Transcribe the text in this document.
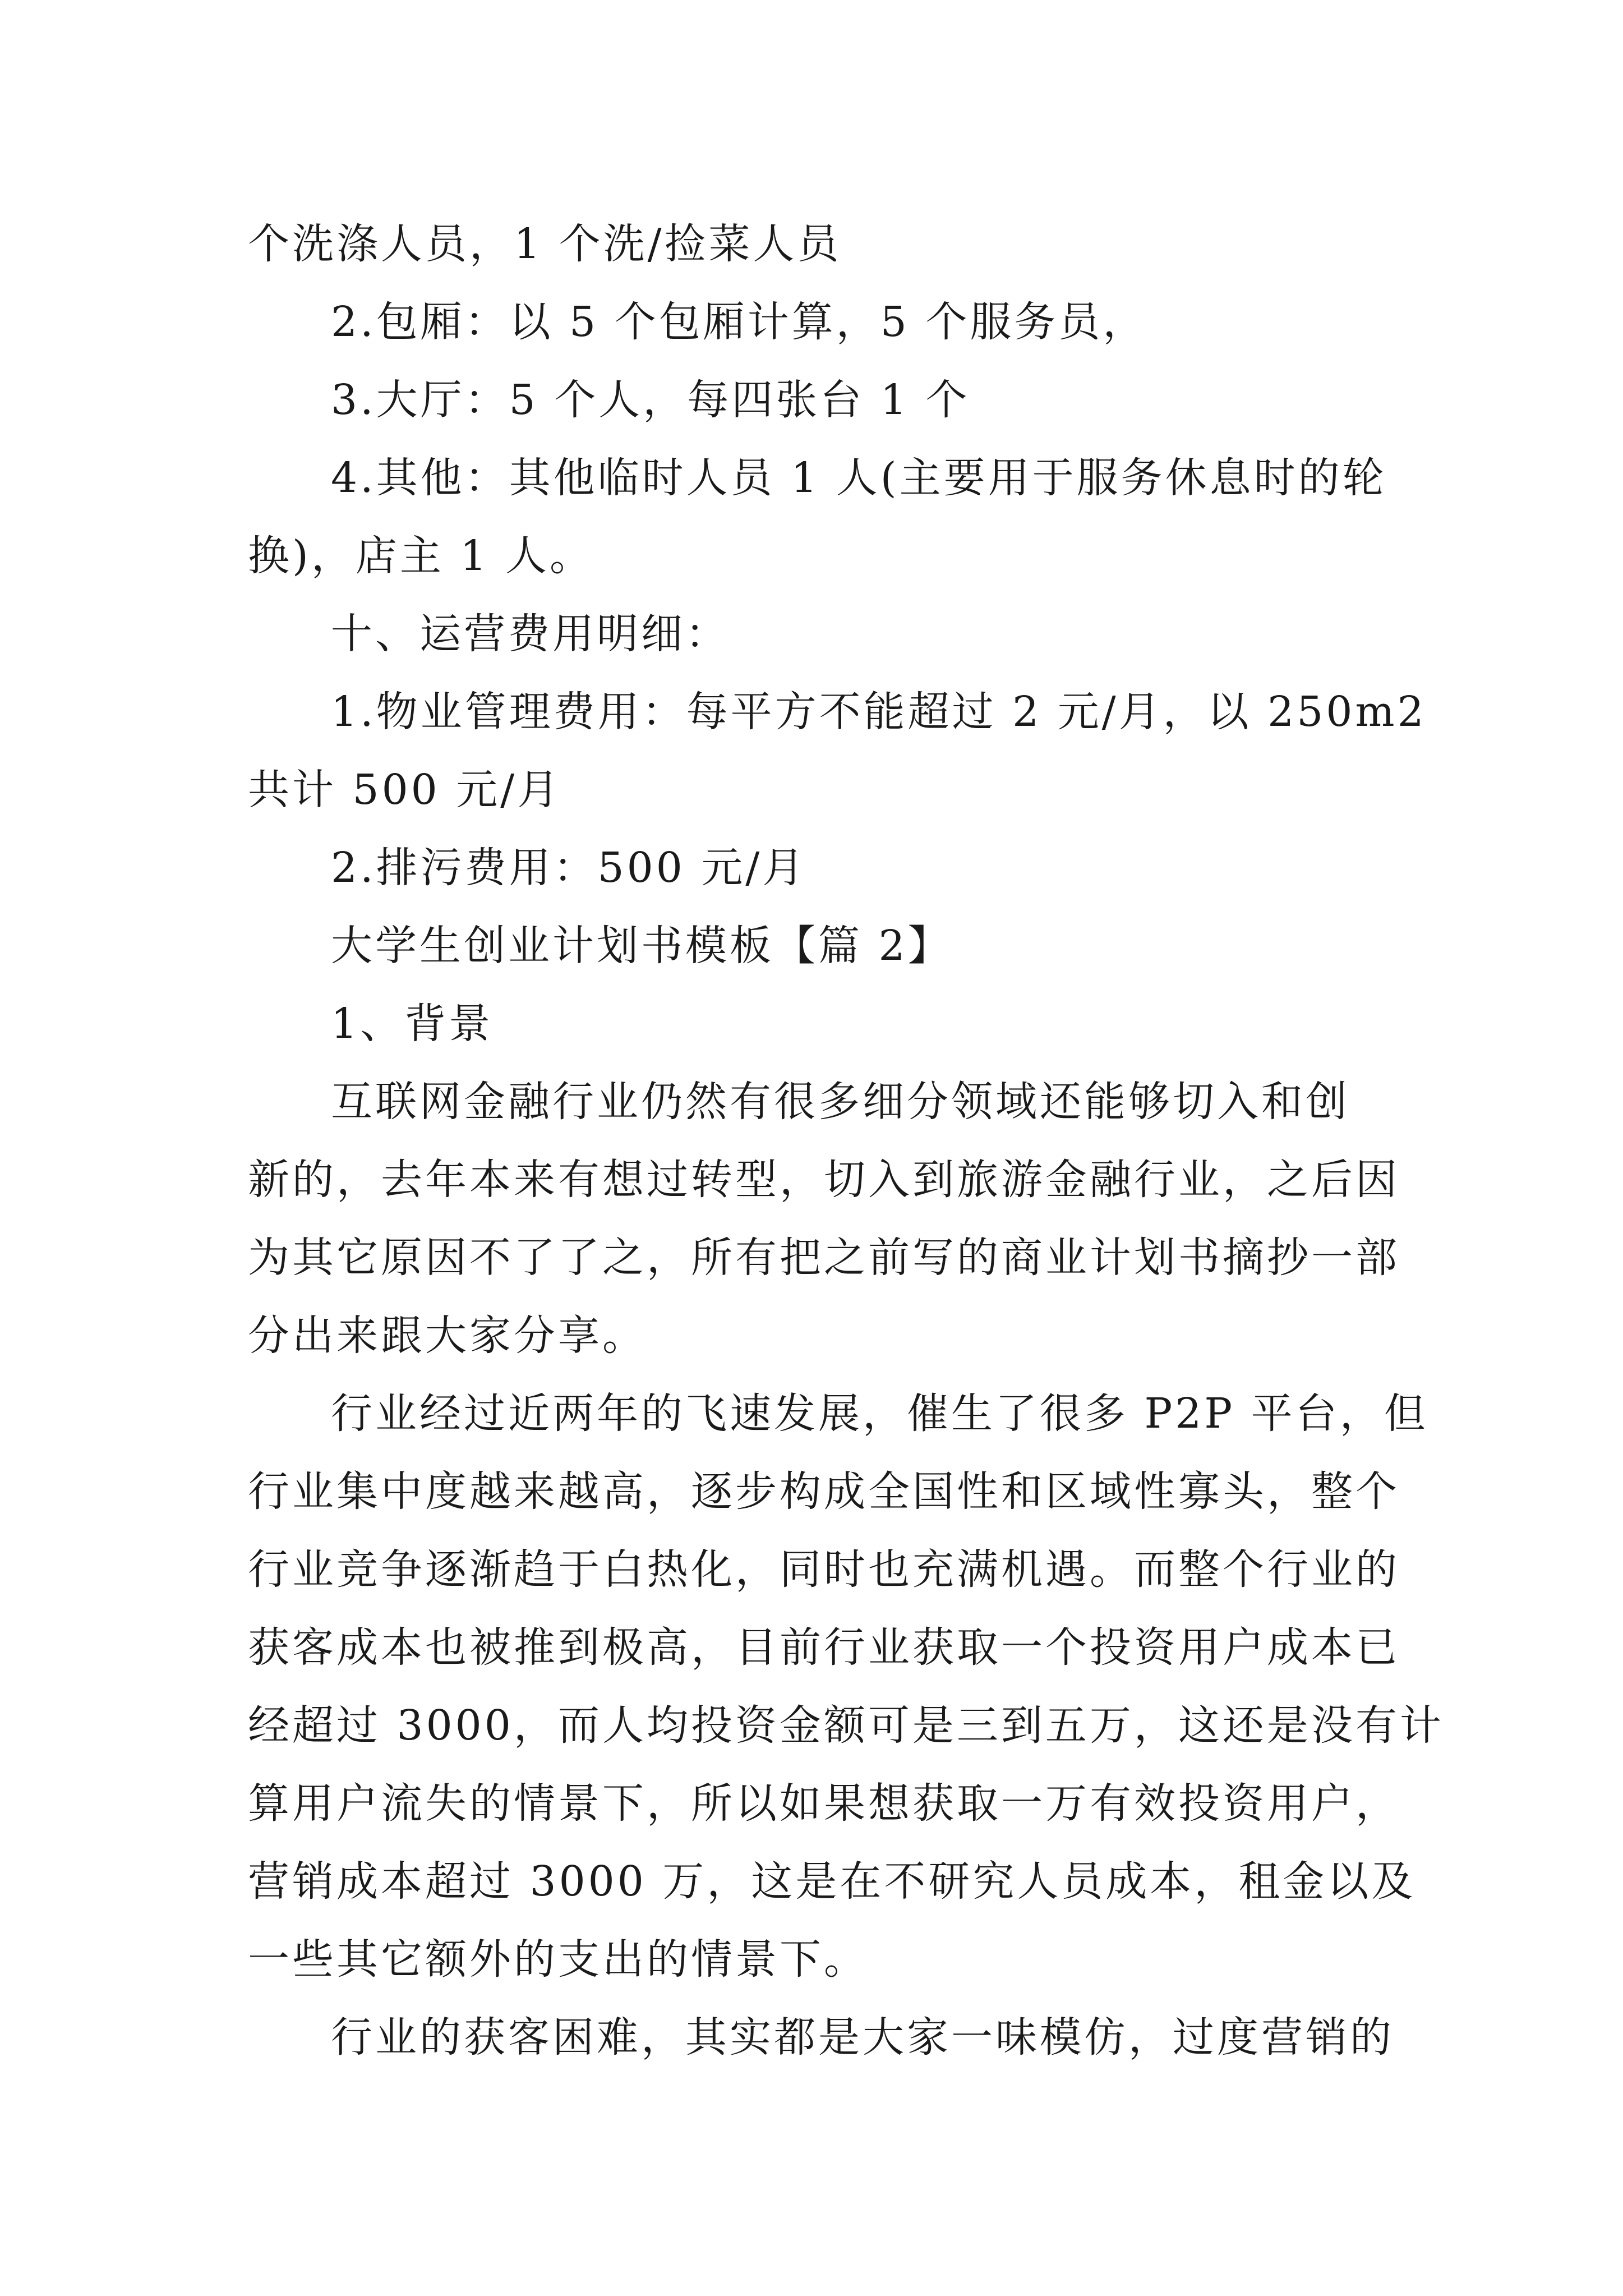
个洗涤人员，1 个洗/捡菜人员
2.包厢：以 5 个包厢计算，5 个服务员，
3.大厅：5 个人，每四张台 1 个
4.其他：其他临时人员 1 人(主要用于服务休息时的轮
换)，店主 1 人。
十、运营费用明细：
1.物业管理费用：每平方不能超过 2 元/月，以 250m2
共计 500 元/月
2.排污费用：500 元/月
大学生创业计划书模板【篇 2】
1、背景
互联网金融行业仍然有很多细分领域还能够切入和创
新的，去年本来有想过转型，切入到旅游金融行业，之后因
为其它原因不了了之，所有把之前写的商业计划书摘抄一部
分出来跟大家分享。
行业经过近两年的飞速发展，催生了很多 P2P 平台，但
行业集中度越来越高，逐步构成全国性和区域性寡头，整个
行业竞争逐渐趋于白热化，同时也充满机遇。而整个行业的
获客成本也被推到极高，目前行业获取一个投资用户成本已
经超过 3000，而人均投资金额可是三到五万，这还是没有计
算用户流失的情景下，所以如果想获取一万有效投资用户，
营销成本超过 3000 万，这是在不研究人员成本，租金以及
一些其它额外的支出的情景下。
行业的获客困难，其实都是大家一味模仿，过度营销的
